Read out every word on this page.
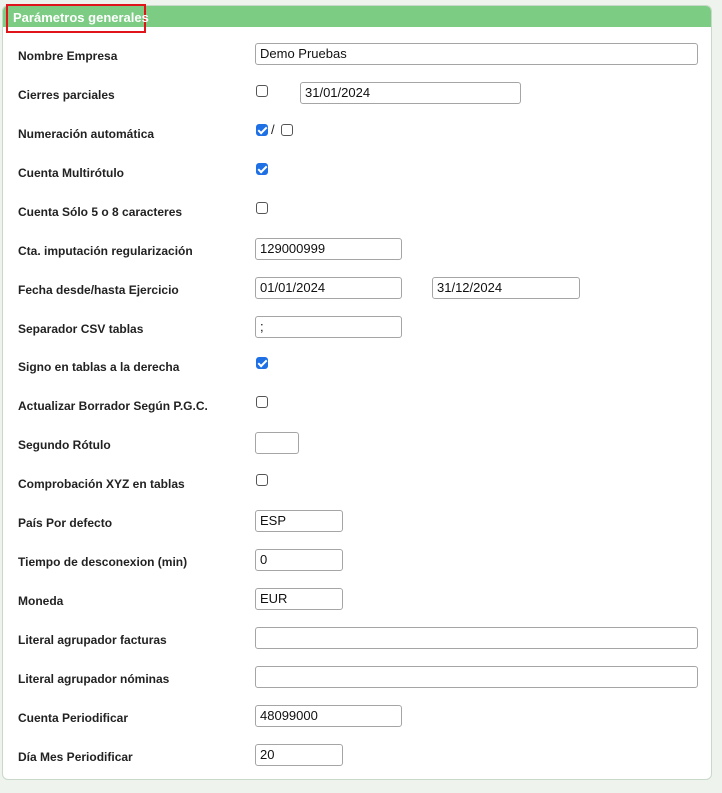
Parámetros generales
Nombre Empresa	Demo Pruebas
Cierres parciales	31/01/2024
Numeración automática	/
Cuenta Multirótulo
Cuenta Sólo 5 o 8 caracteres
Cta. imputación regularización	129000999
Fecha desde/hasta Ejercicio	01/01/2024	31/12/2024
Separador CSV tablas	;
Signo en tablas a la derecha
Actualizar Borrador Según P.G.C.
Segundo Rótulo
Comprobación XYZ en tablas
País Por defecto	ESP
Tiempo de desconexion (min)	0
Moneda	EUR
Literal agrupador facturas
Literal agrupador nóminas
Cuenta Periodificar	48099000
Día Mes Periodificar	20
